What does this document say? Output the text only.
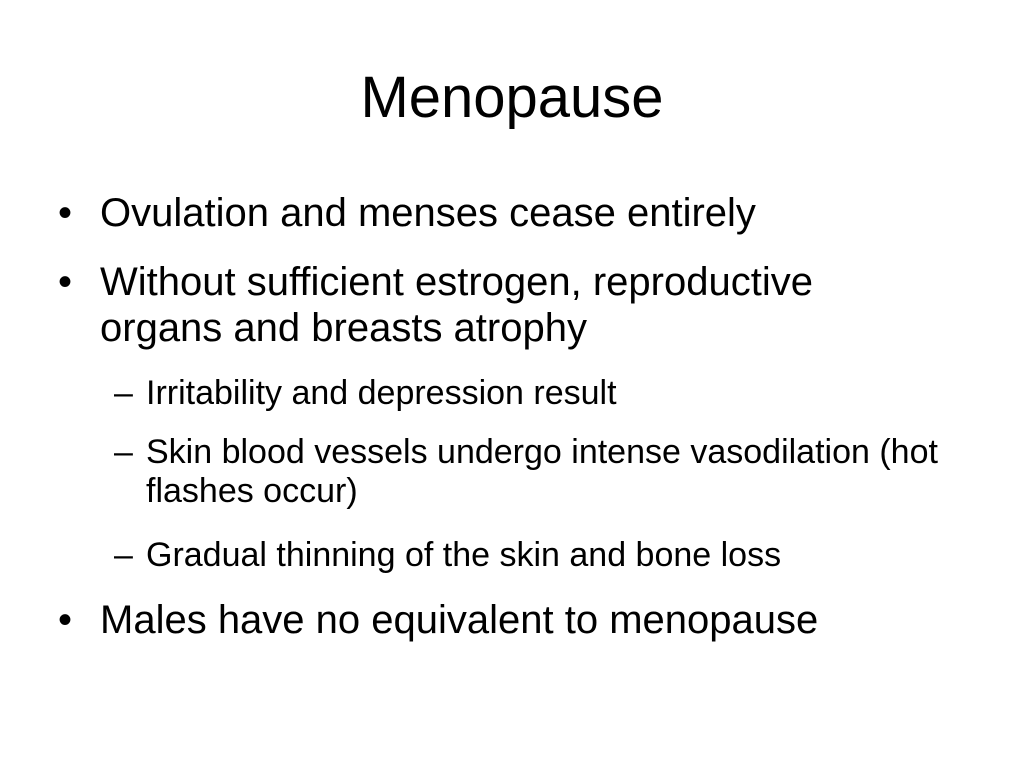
Menopause
• Ovulation and menses cease entirely
• Without sufficient estrogen, reproductive organs and breasts atrophy
– Irritability and depression result
– Skin blood vessels undergo intense vasodilation (hot flashes occur)
– Gradual thinning of the skin and bone loss
• Males have no equivalent to menopause
